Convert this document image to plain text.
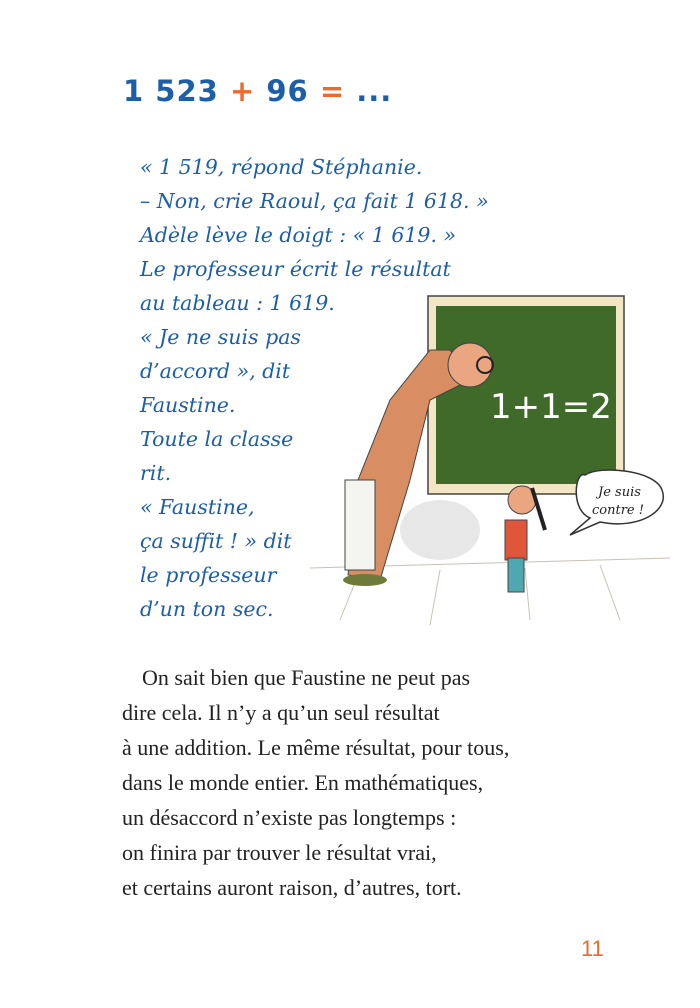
1 523 + 96 = ...
« 1 519, répond Stéphanie.
– Non, crie Raoul, ça fait 1 618. »
Adèle lève le doigt : « 1 619. »
Le professeur écrit le résultat
au tableau : 1 619.
« Je ne suis pas
d’accord », dit
Faustine.
Toute la classe
rit.
« Faustine,
ça suffit ! » dit
le professeur
d’un ton sec.
1+1=2
Je suis
contre !
On sait bien que Faustine ne peut pas
dire cela. Il n’y a qu’un seul résultat
à une addition. Le même résultat, pour tous,
dans le monde entier. En mathématiques,
un désaccord n’existe pas longtemps :
on finira par trouver le résultat vrai,
et certains auront raison, d’autres, tort.
11
